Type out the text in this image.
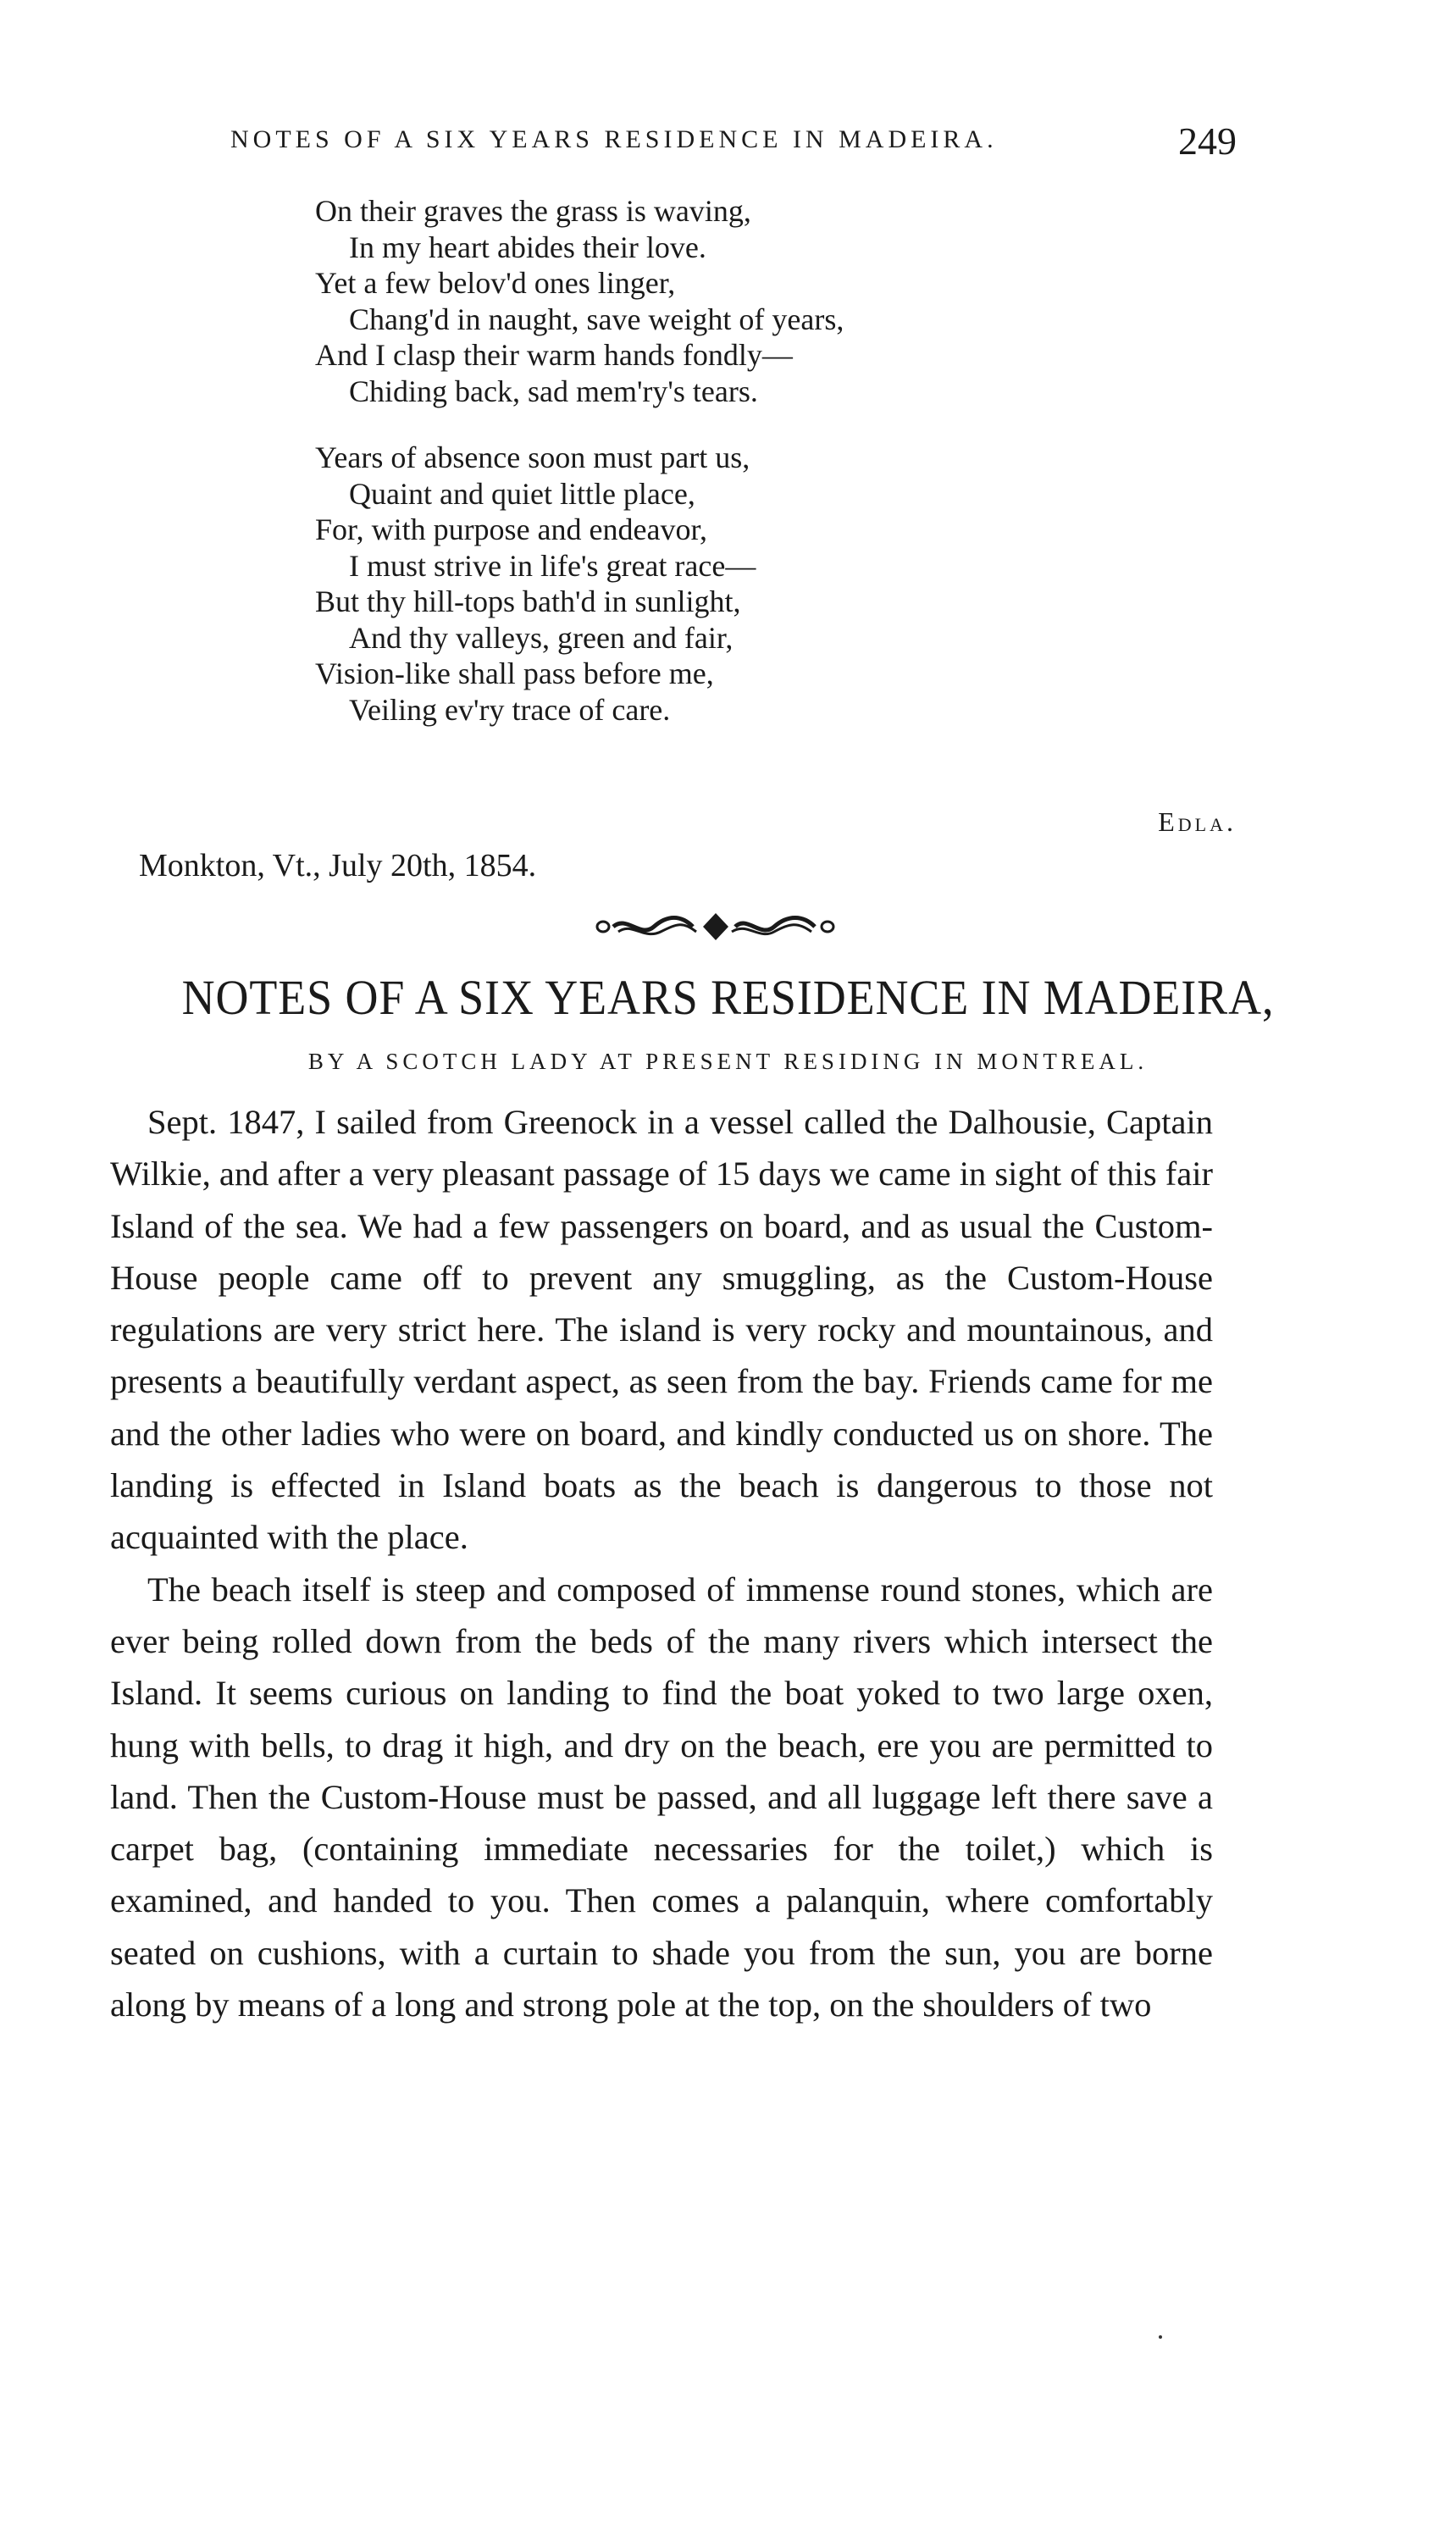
NOTES OF A SIX YEARS RESIDENCE IN MADEIRA.	249
On their graves the grass is waving,
In my heart abides their love.
Yet a few belov'd ones linger,
Chang'd in naught, save weight of years,
And I clasp their warm hands fondly—
Chiding back, sad mem'ry's tears.
Years of absence soon must part us,
Quaint and quiet little place,
For, with purpose and endeavor,
I must strive in life's great race—
But thy hill-tops bath'd in sunlight,
And thy valleys, green and fair,
Vision-like shall pass before me,
Veiling ev'ry trace of care.
Edla.
Monkton, Vt., July 20th, 1854.
NOTES OF A SIX YEARS RESIDENCE IN MADEIRA,
BY A SCOTCH LADY AT PRESENT RESIDING IN MONTREAL.

Sept. 1847, I sailed from Greenock in a vessel called the Dalhousie, Captain Wilkie, and after a very pleasant passage of 15 days we came in sight of this fair Island of the sea. We had a few passengers on board, and as usual the Custom-House people came off to prevent any smuggling, as the Custom-House regulations are very strict here. The island is very rocky and mountainous, and presents a beautifully verdant aspect, as seen from the bay. Friends came for me and the other ladies who were on board, and kindly conducted us on shore. The landing is effected in Island boats as the beach is dangerous to those not acquainted with the place.

The beach itself is steep and composed of immense round stones, which are ever being rolled down from the beds of the many rivers which intersect the Island. It seems curious on landing to find the boat yoked to two large oxen, hung with bells, to drag it high, and dry on the beach, ere you are permitted to land. Then the Custom-House must be passed, and all luggage left there save a carpet bag, (containing immediate necessaries for the toilet,) which is examined, and handed to you. Then comes a palanquin, where comfortably seated on cushions, with a curtain to shade you from the sun, you are borne along by means of a long and strong pole at the top, on the shoulders of two
